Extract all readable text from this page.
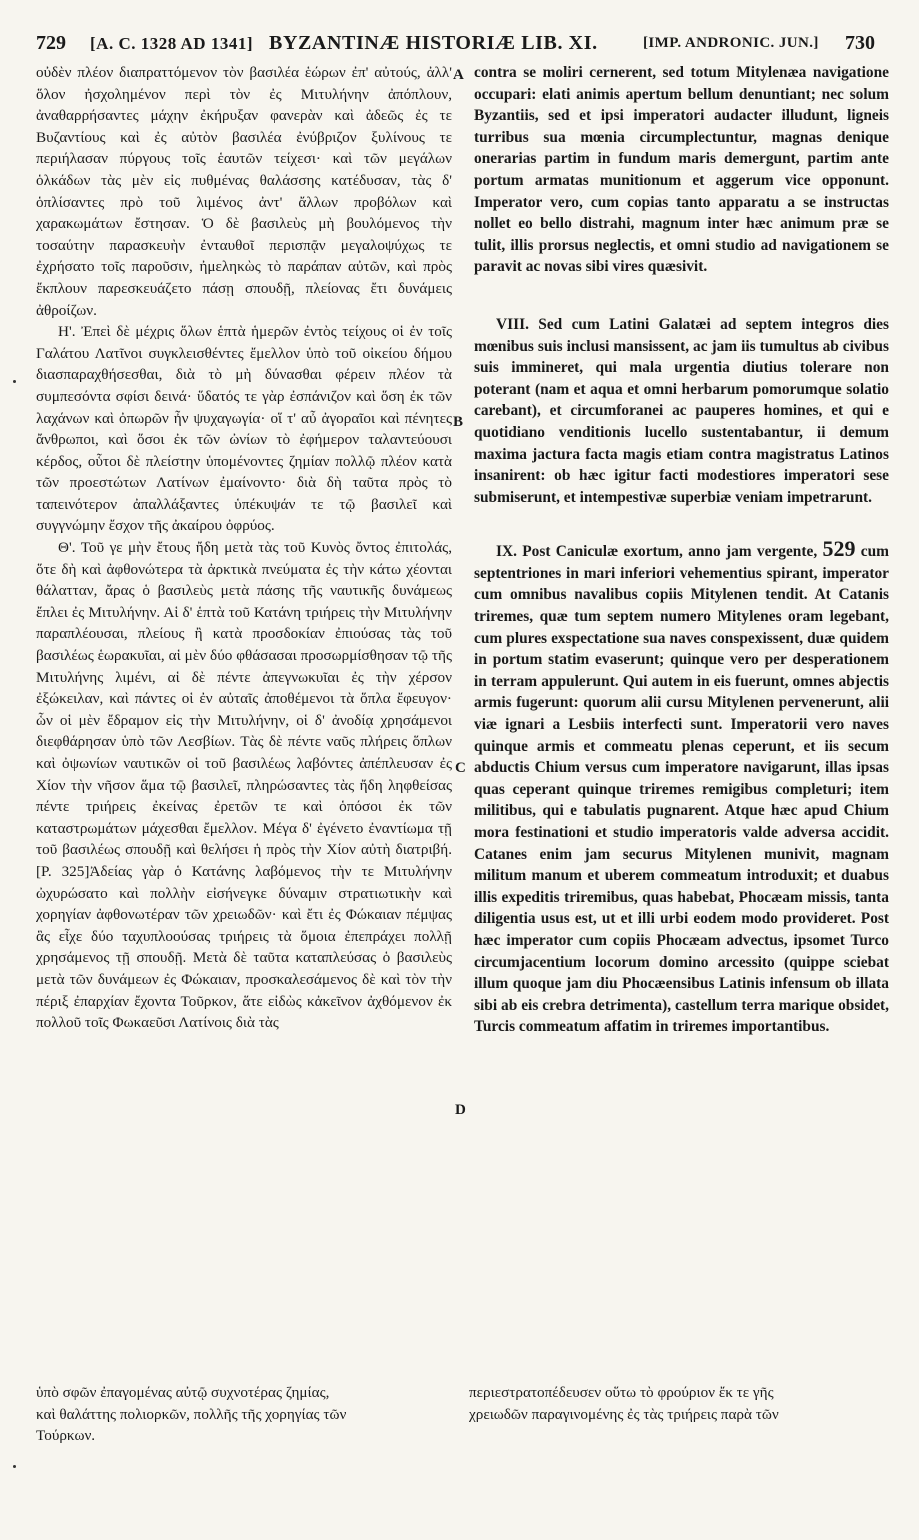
729 [A. C. 1328 AD 1341] BYZANTINÆ HISTORIÆ LIB. XI.	[IMP. ANDRONIC. JUN.] 730

οὐδὲν πλέον διαπραττόμενον τὸν βασιλέα ἑώρων ἐπ' αὐτούς, ἀλλ' ὅλον ἠσχολημένον περὶ τὸν ἐς Μιτυλήνην ἀπόπλουν, ἀναθαρρήσαντες μάχην ἐκήρυξαν φανερὰν καὶ ἀδεῶς ἐς τε Βυζαντίους καὶ ἐς αὐτὸν βασιλέα ἐνύβριζον ξυλίνους τε περιήλασαν πύργους τοῖς ἑαυτῶν τείχεσι· καὶ τῶν μεγάλων ὁλκάδων τὰς μὲν εἰς πυθμένας θαλάσσης κατέδυσαν, τὰς δ' ὁπλίσαντες πρὸ τοῦ λιμένος ἀντ' ἄλλων προβόλων καὶ χαρακωμάτων ἔστησαν. Ὁ δὲ βασιλεὺς μὴ βουλόμενος τὴν τοσαύτην παρασκευὴν ἐνταυθοῖ περισπᾷν μεγαλοψύχως τε ἐχρήσατο τοῖς παροῦσιν, ἠμεληκὼς τὸ παράπαν αὐτῶν, καὶ πρὸς ἔκπλουν παρεσκευάζετο πάσῃ σπουδῇ, πλείονας ἔτι δυνάμεις ἀθροίζων.

Η'. Ἐπεὶ δὲ μέχρις ὅλων ἑπτὰ ἡμερῶν ἐντὸς τείχους οἱ ἐν τοῖς Γαλάτου Λατῖνοι συγκλεισθέντες ἔμελλον ὑπὸ τοῦ οἰκείου δήμου διασπαραχθήσεσθαι, διὰ τὸ μὴ δύνασθαι φέρειν πλέον τὰ συμπεσόντα σφίσι δεινά· ὕδατός τε γὰρ ἐσπάνιζον καὶ ὅση ἐκ τῶν λαχάνων καὶ ὀπωρῶν ἦν ψυχαγωγία· οἵ τ' αὖ ἀγοραῖοι καὶ πένητες ἄνθρωποι, καὶ ὅσοι ἐκ τῶν ὠνίων τὸ ἐφήμερον ταλαντεύουσι κέρδος, οὗτοι δὲ πλείστην ὑπομένοντες ζημίαν πολλῷ πλέον κατὰ τῶν προεστώτων Λατίνων ἐμαίνοντο· διὰ δὴ ταῦτα πρὸς τὸ ταπεινότερον ἀπαλλάξαντες ὑπέκυψάν τε τῷ βασιλεῖ καὶ συγγνώμην ἔσχον τῆς ἀκαίρου ὀφρύος.

Θ'. Τοῦ γε μὴν ἔτους ἤδη μετὰ τὰς τοῦ Κυνὸς ὄντος ἐπιτολάς, ὅτε δὴ καὶ ἀφθονώτερα τὰ ἀρκτικὰ πνεύματα ἐς τὴν κάτω χέονται θάλατταν, ἄρας ὁ βασιλεὺς μετὰ πάσης τῆς ναυτικῆς δυνάμεως ἔπλει ἐς Μιτυλήνην. Αἱ δ' ἑπτὰ τοῦ Κατάνη τριήρεις τὴν Μιτυλήνην παραπλέουσαι, πλείους ἢ κατὰ προσδοκίαν ἐπιούσας τὰς τοῦ βασιλέως ἑωρακυῖαι, αἱ μὲν δύο φθάσασαι προσωρμίσθησαν τῷ τῆς Μιτυλήνης λιμένι, αἱ δὲ πέντε ἀπεγνωκυῖαι ἐς τὴν χέρσον ἐξώκειλαν, καὶ πάντες οἱ ἐν αὐταῖς ἀποθέμενοι τὰ ὅπλα ἔφευγον· ὧν οἱ μὲν ἔδραμον εἰς τὴν Μιτυλήνην, οἱ δ' ἀνοδίᾳ χρησάμενοι διεφθάρησαν ὑπὸ τῶν Λεσβίων. Τὰς δὲ πέντε ναῦς πλήρεις ὅπλων καὶ ὀψωνίων ναυτικῶν οἱ τοῦ βασιλέως λαβόντες ἀπέπλευσαν ἐς Χίον τὴν νῆσον ἅμα τῷ βασιλεῖ, πληρώσαντες τὰς ἤδη ληφθείσας πέντε τριήρεις ἐκείνας ἐρετῶν τε καὶ ὁπόσοι ἐκ τῶν καταστρωμάτων μάχεσθαι ἔμελλον. Μέγα δ' ἐγένετο ἐναντίωμα τῇ τοῦ βασιλέως σπουδῇ καὶ θελήσει ἡ πρὸς τὴν Χίον αὐτὴ διατριβή. [P. 325]Ἀδείας γὰρ ὁ Κατάνης λαβόμενος τὴν τε Μιτυλήνην ὠχυρώσατο καὶ πολλὴν εἰσήνεγκε δύναμιν στρατιωτικὴν καὶ χορηγίαν ἀφθονωτέραν τῶν χρειωδῶν· καὶ ἔτι ἐς Φώκαιαν πέμψας ἃς εἶχε δύο ταχυπλοούσας τριήρεις τὰ ὅμοια ἐπεπράχει πολλῇ χρησάμενος τῇ σπουδῇ. Μετὰ δὲ ταῦτα καταπλεύσας ὁ βασιλεὺς μετὰ τῶν δυνάμεων ἐς Φώκαιαν, προσκαλεσάμενος δὲ καὶ τὸν τὴν πέριξ ἐπαρχίαν ἔχοντα Τοῦρκον, ἅτε εἰδὼς κἀκεῖνον ἀχθόμενον ἐκ πολλοῦ τοῖς Φωκαεῦσι Λατίνοις διὰ τὰς

contra se moliri cernerent, sed totum Mitylenæa navigatione occupari: elati animis apertum bellum denuntiant; nec solum Byzantiis, sed et ipsi imperatori audacter illudunt, ligneis turribus sua mœnia circumplectuntur, magnas denique onerarias partim in fundum maris demergunt, partim ante portum armatas munitionum et aggerum vice opponunt. Imperator vero, cum copias tanto apparatu a se instructas nollet eo bello distrahi, magnum inter hæc animum præ se tulit, illis prorsus neglectis, et omni studio ad navigationem se paravit ac novas sibi vires quæsivit.

VIII. Sed cum Latini Galatæi ad septem integros dies mœnibus suis inclusi mansissent, ac jam iis tumultus ab civibus suis immineret, qui mala urgentia diutius tolerare non poterant (nam et aqua et omni herbarum pomorumque solatio carebant), et circumforanei ac pauperes homines, et qui e quotidiano venditionis lucello sustentabantur, ii demum maxima jactura facta magis etiam contra magistratus Latinos insanirent: ob hæc igitur facti modestiores imperatori sese submiserunt, et intempestivæ superbiæ veniam impetrarunt.

IX. Post Caniculæ exortum, anno jam vergente, 529 cum septentriones in mari inferiori vehementius spirant, imperator cum omnibus navalibus copiis Mitylenen tendit. At Catanis triremes, quæ tum septem numero Mitylenes oram legebant, cum plures exspectatione sua naves conspexissent, duæ quidem in portum statim evaserunt; quinque vero per desperationem in terram appulerunt. Qui autem in eis fuerunt, omnes abjectis armis fugerunt: quorum alii cursu Mitylenen pervenerunt, alii viæ ignari a Lesbiis interfecti sunt. Imperatorii vero naves quinque armis et commeatu plenas ceperunt, et iis secum abductis Chium versus cum imperatore navigarunt, illas ipsas quas ceperant quinque triremes remigibus completuri; item militibus, qui e tabulatis pugnarent. Atque hæc apud Chium mora festinationi et studio imperatoris valde adversa accidit. Catanes enim jam securus Mitylenen munivit, magnam militum manum et uberem commeatum introduxit; et duabus illis expeditis triremibus, quas habebat, Phocæam missis, tanta diligentia usus est, ut et illi urbi eodem modo provideret. Post hæc imperator cum copiis Phocæam advectus, ipsomet Turco circumjacentium locorum domino arcessito (quippe sciebat illum quoque jam diu Phocæensibus Latinis infensum ob illata sibi ab eis crebra detrimenta), castellum terra marique obsidet, Turcis commeatum affatim in triremes importantibus.

ὑπὸ σφῶν ἐπαγομένας αὐτῷ συχνοτέρας ζημίας,	περιεστρατοπέδευσεν οὕτω τὸ φρούριον ἔκ τε γῆς
καὶ θαλάττης πολιορκῶν, πολλῆς τῆς χορηγίας τῶν	χρειωδῶν παραγινομένης ἐς τὰς τριήρεις παρὰ τῶν
Τούρκων.
A
B
C
D
